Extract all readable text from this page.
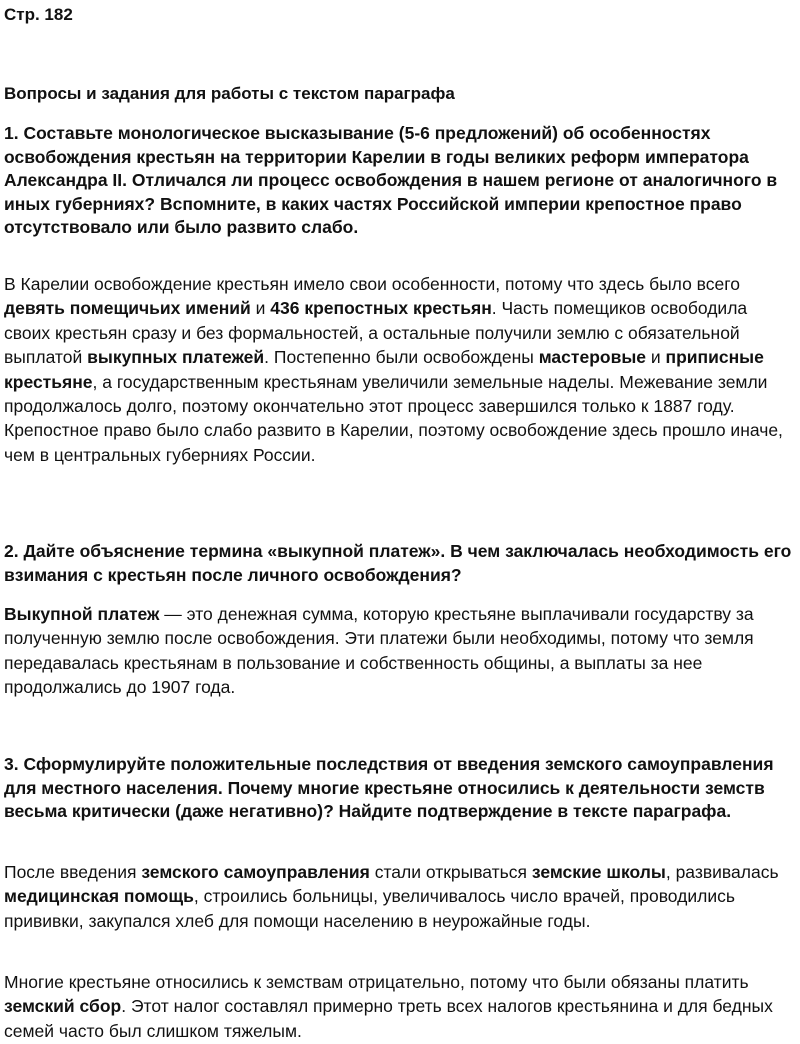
Стр. 182
Вопросы и задания для работы с текстом параграфа
1. Составьте монологическое высказывание (5-6 предложений) об особенностях освобождения крестьян на территории Карелии в годы великих реформ императора Александра II. Отличался ли процесс освобождения в нашем регионе от аналогичного в иных губерниях? Вспомните, в каких частях Российской империи крепостное право отсутствовало или было развито слабо.
В Карелии освобождение крестьян имело свои особенности, потому что здесь было всего девять помещичьих имений и 436 крепостных крестьян. Часть помещиков освободила своих крестьян сразу и без формальностей, а остальные получили землю с обязательной выплатой выкупных платежей. Постепенно были освобождены мастеровые и приписные крестьяне, а государственным крестьянам увеличили земельные наделы. Межевание земли продолжалось долго, поэтому окончательно этот процесс завершился только к 1887 году. Крепостное право было слабо развито в Карелии, поэтому освобождение здесь прошло иначе, чем в центральных губерниях России.
2. Дайте объяснение термина «выкупной платеж». В чем заключалась необходимость его взимания с крестьян после личного освобождения?
Выкупной платеж — это денежная сумма, которую крестьяне выплачивали государству за полученную землю после освобождения. Эти платежи были необходимы, потому что земля передавалась крестьянам в пользование и собственность общины, а выплаты за нее продолжались до 1907 года.
3. Сформулируйте положительные последствия от введения земского самоуправления для местного населения. Почему многие крестьяне относились к деятельности земств весьма критически (даже негативно)? Найдите подтверждение в тексте параграфа.
После введения земского самоуправления стали открываться земские школы, развивалась медицинская помощь, строились больницы, увеличивалось число врачей, проводились прививки, закупался хлеб для помощи населению в неурожайные годы.
Многие крестьяне относились к земствам отрицательно, потому что были обязаны платить земский сбор. Этот налог составлял примерно треть всех налогов крестьянина и для бедных семей часто был слишком тяжелым.
